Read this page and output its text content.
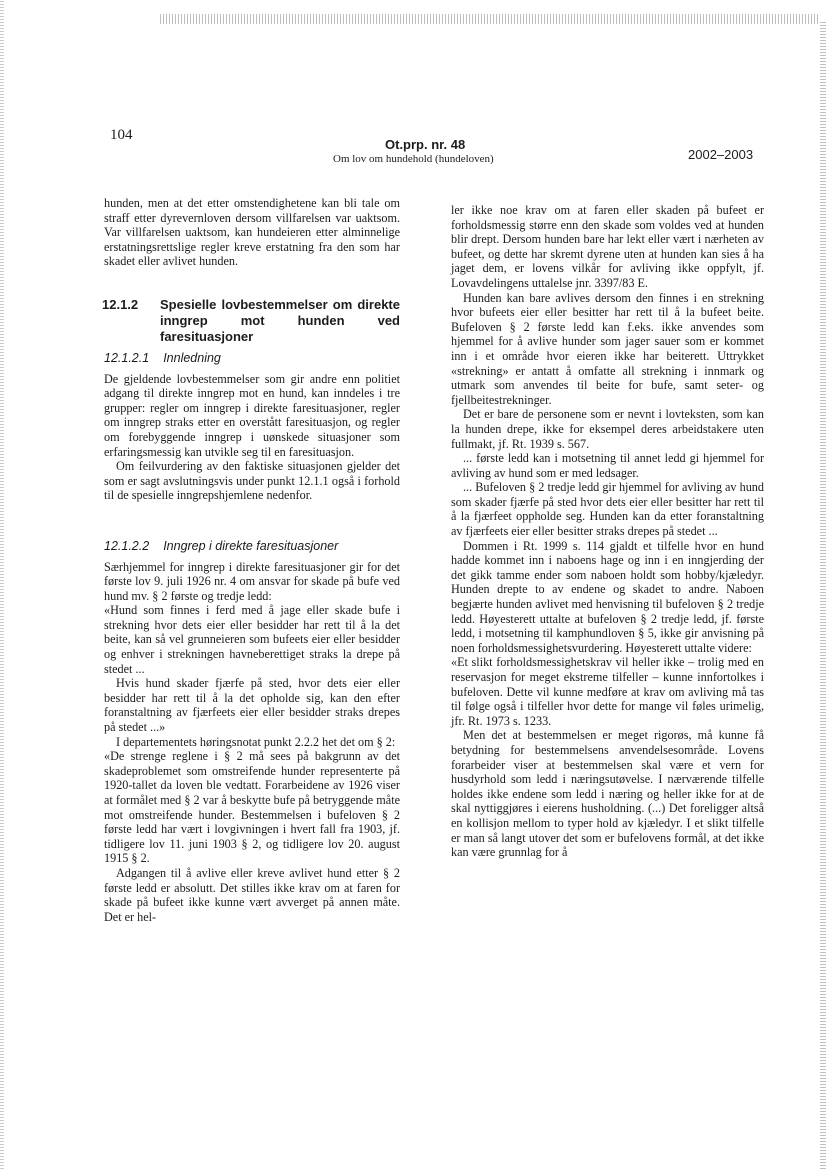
104
Ot.prp. nr. 48
Om lov om hundehold (hundeloven)	2002–2003

hunden, men at det etter omstendighetene kan bli tale om straff etter dyrevernloven dersom villfarelsen var uaktsom. Var villfarelsen uaktsom, kan hundeieren etter alminnelige erstatningsrettslige regler kreve erstatning fra den som har skadet eller avlivet hunden.

12.1.2	Spesielle lovbestemmelser om direkte inngrep mot hunden ved faresituasjoner
12.1.2.1 Innledning

De gjeldende lovbestemmelser som gir andre enn politiet adgang til direkte inngrep mot en hund, kan inndeles i tre grupper: regler om inngrep i direkte faresituasjoner, regler om inngrep straks etter en overstått faresituasjon, og regler om forebyggende inngrep i uønskede situasjoner som erfaringsmessig kan utvikle seg til en faresituasjon.

Om feilvurdering av den faktiske situasjonen gjelder det som er sagt avslutningsvis under punkt 12.1.1 også i forhold til de spesielle inngrepshjemlene nedenfor.

12.1.2.2 Inngrep i direkte faresituasjoner

Særhjemmel for inngrep i direkte faresituasjoner gir for det første lov 9. juli 1926 nr. 4 om ansvar for skade på bufe ved hund mv. § 2 første og tredje ledd:

«Hund som finnes i ferd med å jage eller skade bufe i strekning hvor dets eier eller besidder har rett til å la det beite, kan så vel grunneieren som bufeets eier eller besidder og enhver i strekningen havneberettiget straks la drepe på stedet ...

Hvis hund skader fjærfe på sted, hvor dets eier eller besidder har rett til å la det opholde sig, kan den efter foranstaltning av fjærfeets eier eller besidder straks drepes på stedet ...»

I departementets høringsnotat punkt 2.2.2 het det om § 2:

«De strenge reglene i § 2 må sees på bakgrunn av det skadeproblemet som omstreifende hunder representerte på 1920-tallet da loven ble vedtatt. Forarbeidene av 1926 viser at formålet med § 2 var å beskytte bufe på betryggende måte mot omstreifende hunder. Bestemmelsen i bufeloven § 2 første ledd har vært i lovgivningen i hvert fall fra 1903, jf. tidligere lov 11. juni 1903 § 2, og tidligere lov 20. august 1915 § 2.

Adgangen til å avlive eller kreve avlivet hund etter § 2 første ledd er absolutt. Det stilles ikke krav om at faren for skade på bufeet ikke kunne vært avverget på annen måte. Det er hel-

ler ikke noe krav om at faren eller skaden på bufeet er forholdsmessig større enn den skade som voldes ved at hunden blir drept. Dersom hunden bare har lekt eller vært i nærheten av bufeet, og dette har skremt dyrene uten at hunden kan sies å ha jaget dem, er lovens vilkår for avliving ikke oppfylt, jf. Lovavdelingens uttalelse jnr. 3397/83 E.

Hunden kan bare avlives dersom den finnes i en strekning hvor bufeets eier eller besitter har rett til å la bufeet beite. Bufeloven § 2 første ledd kan f.eks. ikke anvendes som hjemmel for å avlive hunder som jager sauer som er kommet inn i et område hvor eieren ikke har beiterett. Uttrykket «strekning» er antatt å omfatte all strekning i innmark og utmark som anvendes til beite for bufe, samt seter- og fjellbeitestrekninger.

Det er bare de personene som er nevnt i lovteksten, som kan la hunden drepe, ikke for eksempel deres arbeidstakere uten fullmakt, jf. Rt. 1939 s. 567.

... første ledd kan i motsetning til annet ledd gi hjemmel for avliving av hund som er med ledsager.

... Bufeloven § 2 tredje ledd gir hjemmel for avliving av hund som skader fjærfe på sted hvor dets eier eller besitter har rett til å la fjærfeet oppholde seg. Hunden kan da etter foranstaltning av fjærfeets eier eller besitter straks drepes på stedet ...

Dommen i Rt. 1999 s. 114 gjaldt et tilfelle hvor en hund hadde kommet inn i naboens hage og inn i en inngjerding der det gikk tamme ender som naboen holdt som hobby/kjæledyr. Hunden drepte to av endene og skadet to andre. Naboen begjærte hunden avlivet med henvisning til bufeloven § 2 tredje ledd. Høyesterett uttalte at bufeloven § 2 tredje ledd, jf. første ledd, i motsetning til kamphundloven § 5, ikke gir anvisning på noen forholdsmessighetsvurdering. Høyesterett uttalte videre:

«Et slikt forholdsmessighetskrav vil heller ikke – trolig med en reservasjon for meget ekstreme tilfeller – kunne innfortolkes i bufeloven. Dette vil kunne medføre at krav om avliving må tas til følge også i tilfeller hvor dette for mange vil føles urimelig, jfr. Rt. 1973 s. 1233.

Men det at bestemmelsen er meget rigorøs, må kunne få betydning for bestemmelsens anvendelsesområde. Lovens forarbeider viser at bestemmelsen skal være et vern for husdyrhold som ledd i næringsutøvelse. I nærværende tilfelle holdes ikke endene som ledd i næring og heller ikke for at de skal nyttiggjøres i eierens husholdning. (...) Det foreligger altså en kollisjon mellom to typer hold av kjæledyr. I et slikt tilfelle er man så langt utover det som er bufelovens formål, at det ikke kan være grunnlag for å
